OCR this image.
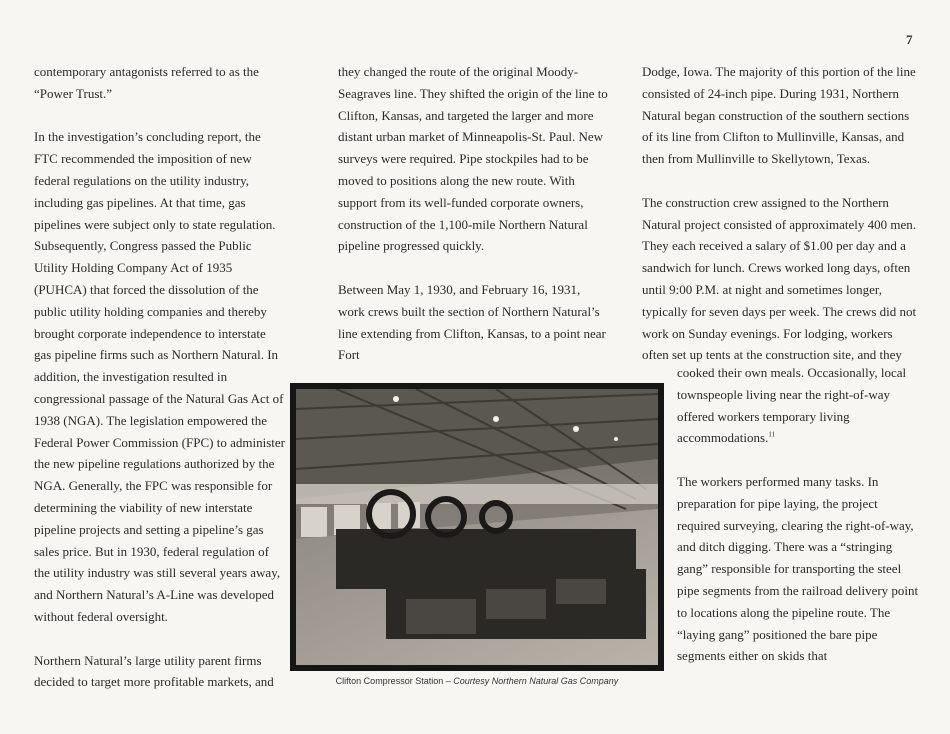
7

contemporary antagonists referred to as the “Power Trust.”

In the investigation’s concluding report, the FTC recommended the imposition of new federal regulations on the utility industry, including gas pipelines. At that time, gas pipelines were subject only to state regulation. Subsequently, Congress passed the Public Utility Holding Company Act of 1935 (PUHCA) that forced the dissolution of the public utility holding companies and thereby brought corporate independence to interstate gas pipeline firms such as Northern Natural. In addition, the investigation resulted in congressional passage of the Natural Gas Act of 1938 (NGA). The legislation empowered the Federal Power Commission (FPC) to administer the new pipeline regulations authorized by the NGA. Generally, the FPC was responsible for determining the viability of new interstate pipeline projects and setting a pipeline’s gas sales price. But in 1930, federal regulation of the utility industry was still several years away, and Northern Natural’s A-Line was developed without federal oversight.

Northern Natural’s large utility parent firms decided to target more profitable markets, and

they changed the route of the original Moody-Seagraves line. They shifted the origin of the line to Clifton, Kansas, and targeted the larger and more distant urban market of Minneapolis-St. Paul. New surveys were required. Pipe stockpiles had to be moved to positions along the new route. With support from its well-funded corporate owners, construction of the 1,100-mile Northern Natural pipeline progressed quickly.

Between May 1, 1930, and February 16, 1931, work crews built the section of Northern Natural’s line extending from Clifton, Kansas, to a point near Fort

Dodge, Iowa. The majority of this portion of the line consisted of 24-inch pipe. During 1931, Northern Natural began construction of the southern sections of its line from Clifton to Mullinville, Kansas, and then from Mullinville to Skellytown, Texas.

The construction crew assigned to the Northern Natural project consisted of approximately 400 men. They each received a salary of $1.00 per day and a sandwich for lunch. Crews worked long days, often until 9:00 P.M. at night and sometimes longer, typically for seven days per week. The crews did not work on Sunday evenings. For lodging, workers often set up tents at the construction site, and they

cooked their own meals. Occasionally, local townspeople living near the right-of-way offered workers temporary living accommodations.$^{11}$

The workers performed many tasks. In preparation for pipe laying, the project required surveying, clearing the right-of-way, and ditch digging. There was a “stringing gang” responsible for transporting the steel pipe segments from the railroad delivery point to locations along the pipeline route. The “laying gang” positioned the bare pipe segments either on skids that

Clifton Compressor Station – Courtesy Northern Natural Gas Company
